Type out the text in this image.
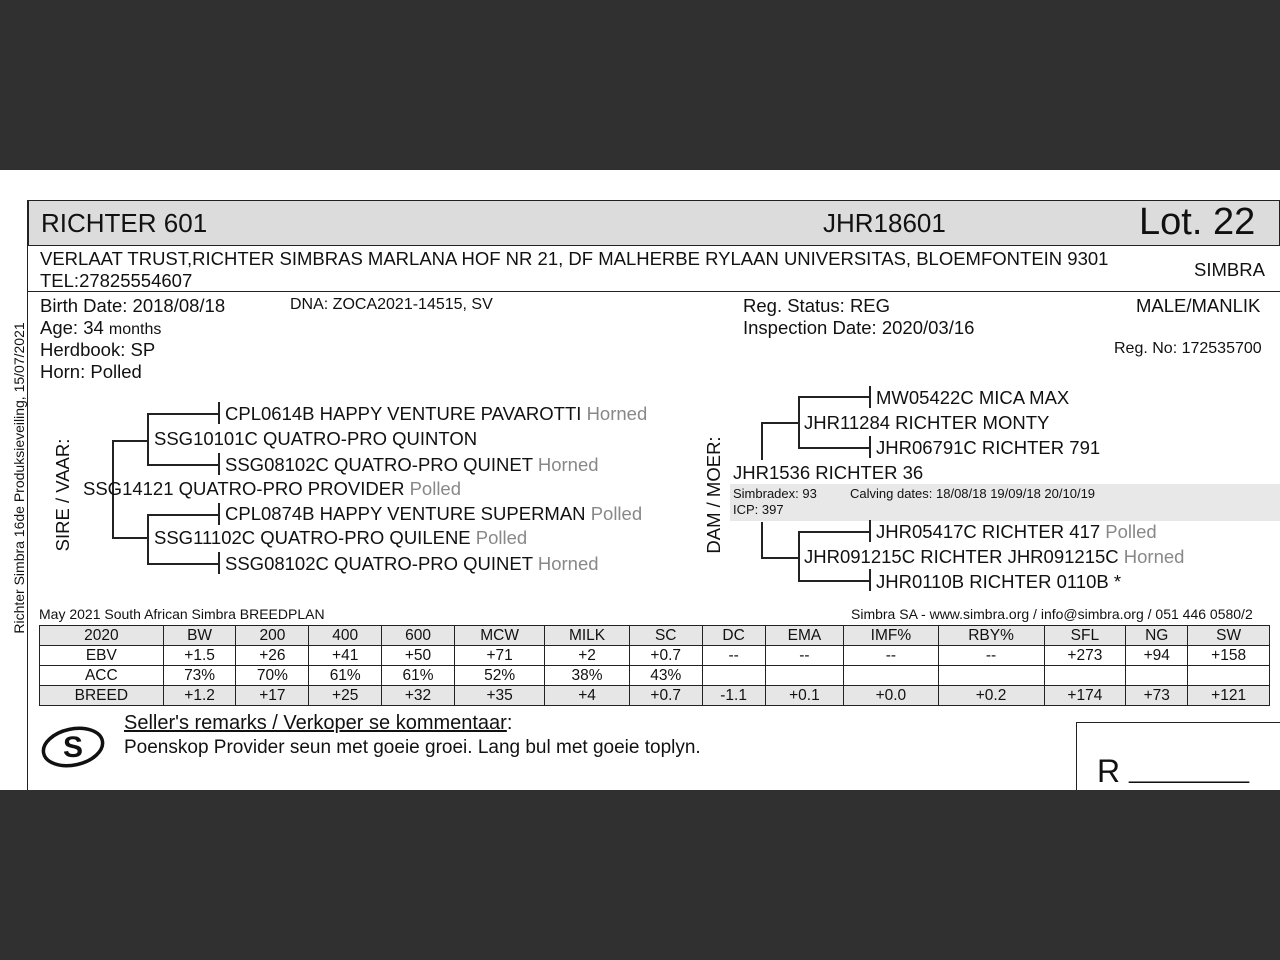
Richter Simbra 16de Produksieveiling, 15/07/2021
RICHTER 601	JHR18601	Lot. 22
VERLAAT TRUST,RICHTER SIMBRAS MARLANA HOF NR 21, DF MALHERBE RYLAAN UNIVERSITAS, BLOEMFONTEIN 9301
TEL:27825554607
SIMBRA
Birth Date: 2018/08/18	DNA: ZOCA2021-14515, SV
Age: 34 months
Herdbook: SP
Horn: Polled
Reg. Status: REG
Inspection Date: 2020/03/16
MALE/MANLIK
Reg. No: 172535700
SIRE / VAAR:
CPL0614B HAPPY VENTURE PAVAROTTI Horned
SSG10101C QUATRO-PRO QUINTON
SSG08102C QUATRO-PRO QUINET Horned
SSG14121 QUATRO-PRO PROVIDER Polled
CPL0874B HAPPY VENTURE SUPERMAN Polled
SSG11102C QUATRO-PRO QUILENE Polled
SSG08102C QUATRO-PRO QUINET Horned
DAM / MOER:
MW05422C MICA MAX
JHR11284 RICHTER MONTY
JHR06791C RICHTER 791
JHR1536 RICHTER 36
Simbradex: 93	Calving dates: 18/08/18 19/09/18 20/10/19
ICP: 397
JHR05417C RICHTER 417 Polled
JHR091215C RICHTER JHR091215C Horned
JHR0110B RICHTER 0110B *
May 2021 South African Simbra BREEDPLAN	Simbra SA - www.simbra.org / info@simbra.org / 051 446 0580/2
2020	BW	200	400	600	MCW	MILK	SC	DC	EMA	IMF%	RBY%	SFL	NG	SW
EBV	+1.5	+26	+41	+50	+71	+2	+0.7	--	--	--	--	+273	+94	+158
ACC	73%	70%	61%	61%	52%	38%	43%							
BREED	+1.2	+17	+25	+32	+35	+4	+0.7	-1.1	+0.1	+0.0	+0.2	+174	+73	+121
S
Seller's remarks / Verkoper se kommentaar:
Poenskop Provider seun met goeie groei. Lang bul met goeie toplyn.
R _________
